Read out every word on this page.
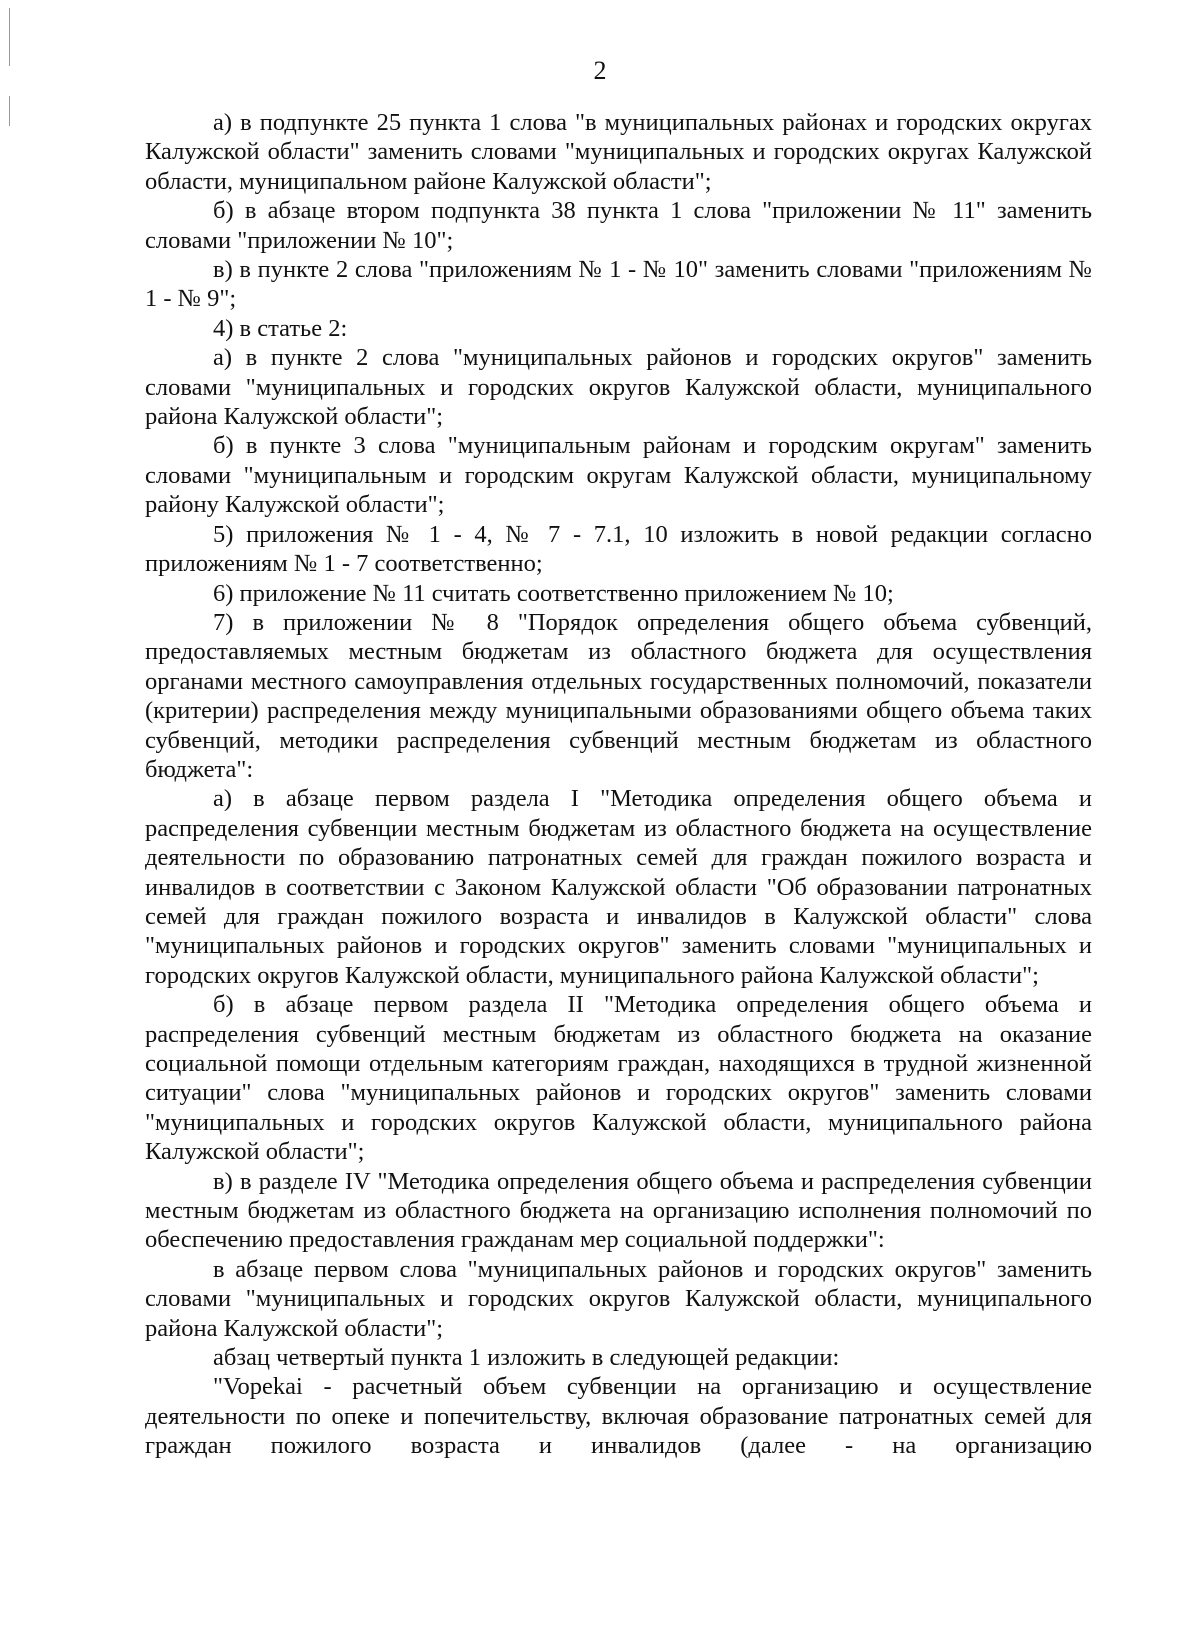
2

а) в подпункте 25 пункта 1 слова "в муниципальных районах и городских округах Калужской области" заменить словами "муниципальных и городских округах Калужской области, муниципальном районе Калужской области";

б) в абзаце втором подпункта 38 пункта 1 слова "приложении № 11" заменить словами "приложении № 10";

в) в пункте 2 слова "приложениям № 1 - № 10" заменить словами "приложениям № 1 - № 9";

4) в статье 2:

а) в пункте 2 слова "муниципальных районов и городских округов" заменить словами "муниципальных и городских округов Калужской области, муниципального района Калужской области";

б) в пункте 3 слова "муниципальным районам и городским округам" заменить словами "муниципальным и городским округам Калужской области, муниципальному району Калужской области";

5) приложения № 1 - 4, № 7 - 7.1, 10 изложить в новой редакции согласно приложениям № 1 - 7 соответственно;

6) приложение № 11 считать соответственно приложением № 10;

7) в приложении № 8 "Порядок определения общего объема субвенций, предоставляемых местным бюджетам из областного бюджета для осуществления органами местного самоуправления отдельных государственных полномочий, показатели (критерии) распределения между муниципальными образованиями общего объема таких субвенций, методики распределения субвенций местным бюджетам из областного бюджета":

а) в абзаце первом раздела I "Методика определения общего объема и распределения субвенции местным бюджетам из областного бюджета на осуществление деятельности по образованию патронатных семей для граждан пожилого возраста и инвалидов в соответствии с Законом Калужской области "Об образовании патронатных семей для граждан пожилого возраста и инвалидов в Калужской области" слова "муниципальных районов и городских округов" заменить словами "муниципальных и городских округов Калужской области, муниципального района Калужской области";

б) в абзаце первом раздела II "Методика определения общего объема и распределения субвенций местным бюджетам из областного бюджета на оказание социальной помощи отдельным категориям граждан, находящихся в трудной жизненной ситуации" слова "муниципальных районов и городских округов" заменить словами "муниципальных и городских округов Калужской области, муниципального района Калужской области";

в) в разделе IV "Методика определения общего объема и распределения субвенции местным бюджетам из областного бюджета на организацию исполнения полномочий по обеспечению предоставления гражданам мер социальной поддержки":

в абзаце первом слова "муниципальных районов и городских округов" заменить словами "муниципальных и городских округов Калужской области, муниципального района Калужской области";

абзац четвертый пункта 1 изложить в следующей редакции:

"Vopekai - расчетный объем субвенции на организацию и осуществление деятельности по опеке и попечительству, включая образование патронатных семей для граждан пожилого возраста и инвалидов (далее - на организацию
